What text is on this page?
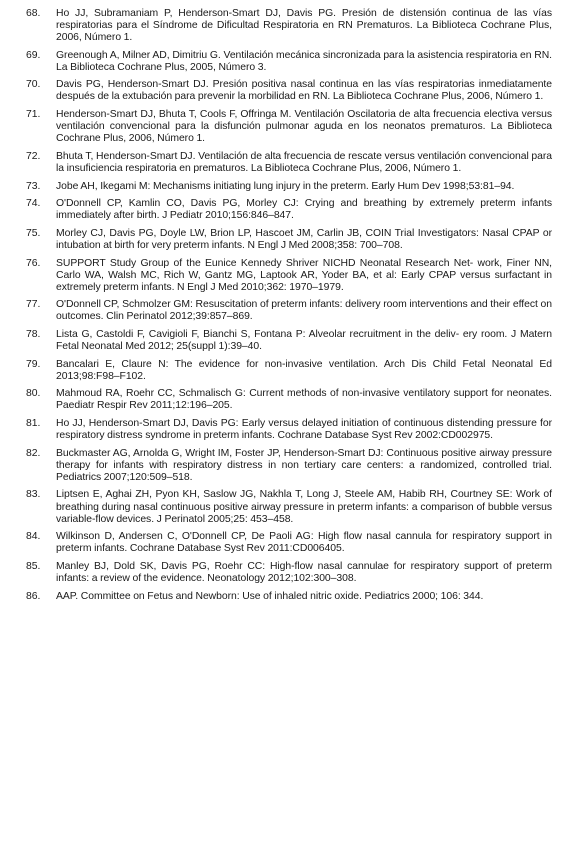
68.	Ho JJ, Subramaniam P, Henderson-Smart DJ, Davis PG. Presión de distensión continua de las vías respiratorias para el Síndrome de Dificultad Respiratoria en RN Prematuros. La Biblioteca Cochrane Plus, 2006, Número 1.
69.	Greenough A, Milner AD, Dimitriu G. Ventilación mecánica sincronizada para la asistencia respiratoria en RN. La Biblioteca Cochrane Plus, 2005, Número 3.
70.	Davis PG, Henderson-Smart DJ. Presión positiva nasal continua en las vías respiratorias inmediatamente después de la extubación para prevenir la morbilidad en RN. La Biblioteca Cochrane Plus, 2006, Número 1.
71.	Henderson-Smart DJ, Bhuta T, Cools F, Offringa M. Ventilación Oscilatoria de alta frecuencia electiva versus ventilación convencional para la disfunción pulmonar aguda en los neonatos prematuros. La Biblioteca Cochrane Plus, 2006, Número 1.
72.	Bhuta T, Henderson-Smart DJ. Ventilación de alta frecuencia de rescate versus ventilación convencional para la insuficiencia respiratoria en prematuros. La Biblioteca Cochrane Plus, 2006, Número 1.
73.	Jobe AH, Ikegami M: Mechanisms initiating lung injury in the preterm. Early Hum Dev 1998;53:81–94.
74.	O'Donnell CP, Kamlin CO, Davis PG, Morley CJ: Crying and breathing by extremely preterm infants immediately after birth. J Pediatr 2010;156:846–847.
75.	Morley CJ, Davis PG, Doyle LW, Brion LP, Hascoet JM, Carlin JB, COIN Trial Investigators: Nasal CPAP or intubation at birth for very preterm infants. N Engl J Med 2008;358: 700–708.
76.	SUPPORT Study Group of the Eunice Kennedy Shriver NICHD Neonatal Research Net- work, Finer NN, Carlo WA, Walsh MC, Rich W, Gantz MG, Laptook AR, Yoder BA, et al: Early CPAP versus surfactant in extremely preterm infants. N Engl J Med 2010;362: 1970–1979.
77.	O'Donnell CP, Schmolzer GM: Resuscitation of preterm infants: delivery room interventions and their effect on outcomes. Clin Perinatol 2012;39:857–869.
78.	Lista G, Castoldi F, Cavigioli F, Bianchi S, Fontana P: Alveolar recruitment in the deliv- ery room. J Matern Fetal Neonatal Med 2012; 25(suppl 1):39–40.
79.	Bancalari E, Claure N: The evidence for non-invasive ventilation. Arch Dis Child Fetal Neonatal Ed 2013;98:F98–F102.
80.	Mahmoud RA, Roehr CC, Schmalisch G: Current methods of non-invasive ventilatory support for neonates. Paediatr Respir Rev 2011;12:196–205.
81.	Ho JJ, Henderson-Smart DJ, Davis PG: Early versus delayed initiation of continuous distending pressure for respiratory distress syndrome in preterm infants. Cochrane Database Syst Rev 2002:CD002975.
82.	Buckmaster AG, Arnolda G, Wright IM, Foster JP, Henderson-Smart DJ: Continuous positive airway pressure therapy for infants with respiratory distress in non tertiary care centers: a randomized, controlled trial. Pediatrics 2007;120:509–518.
83.	Liptsen E, Aghai ZH, Pyon KH, Saslow JG, Nakhla T, Long J, Steele AM, Habib RH, Courtney SE: Work of breathing during nasal continuous positive airway pressure in preterm infants: a comparison of bubble versus variable-flow devices. J Perinatol 2005;25: 453–458.
84.	Wilkinson D, Andersen C, O'Donnell CP, De Paoli AG: High flow nasal cannula for respiratory support in preterm infants. Cochrane Database Syst Rev 2011:CD006405.
85.	Manley BJ, Dold SK, Davis PG, Roehr CC: High-flow nasal cannulae for respiratory support of preterm infants: a review of the evidence. Neonatology 2012;102:300–308.
86.	AAP. Committee on Fetus and Newborn: Use of inhaled nitric oxide. Pediatrics 2000; 106: 344.
